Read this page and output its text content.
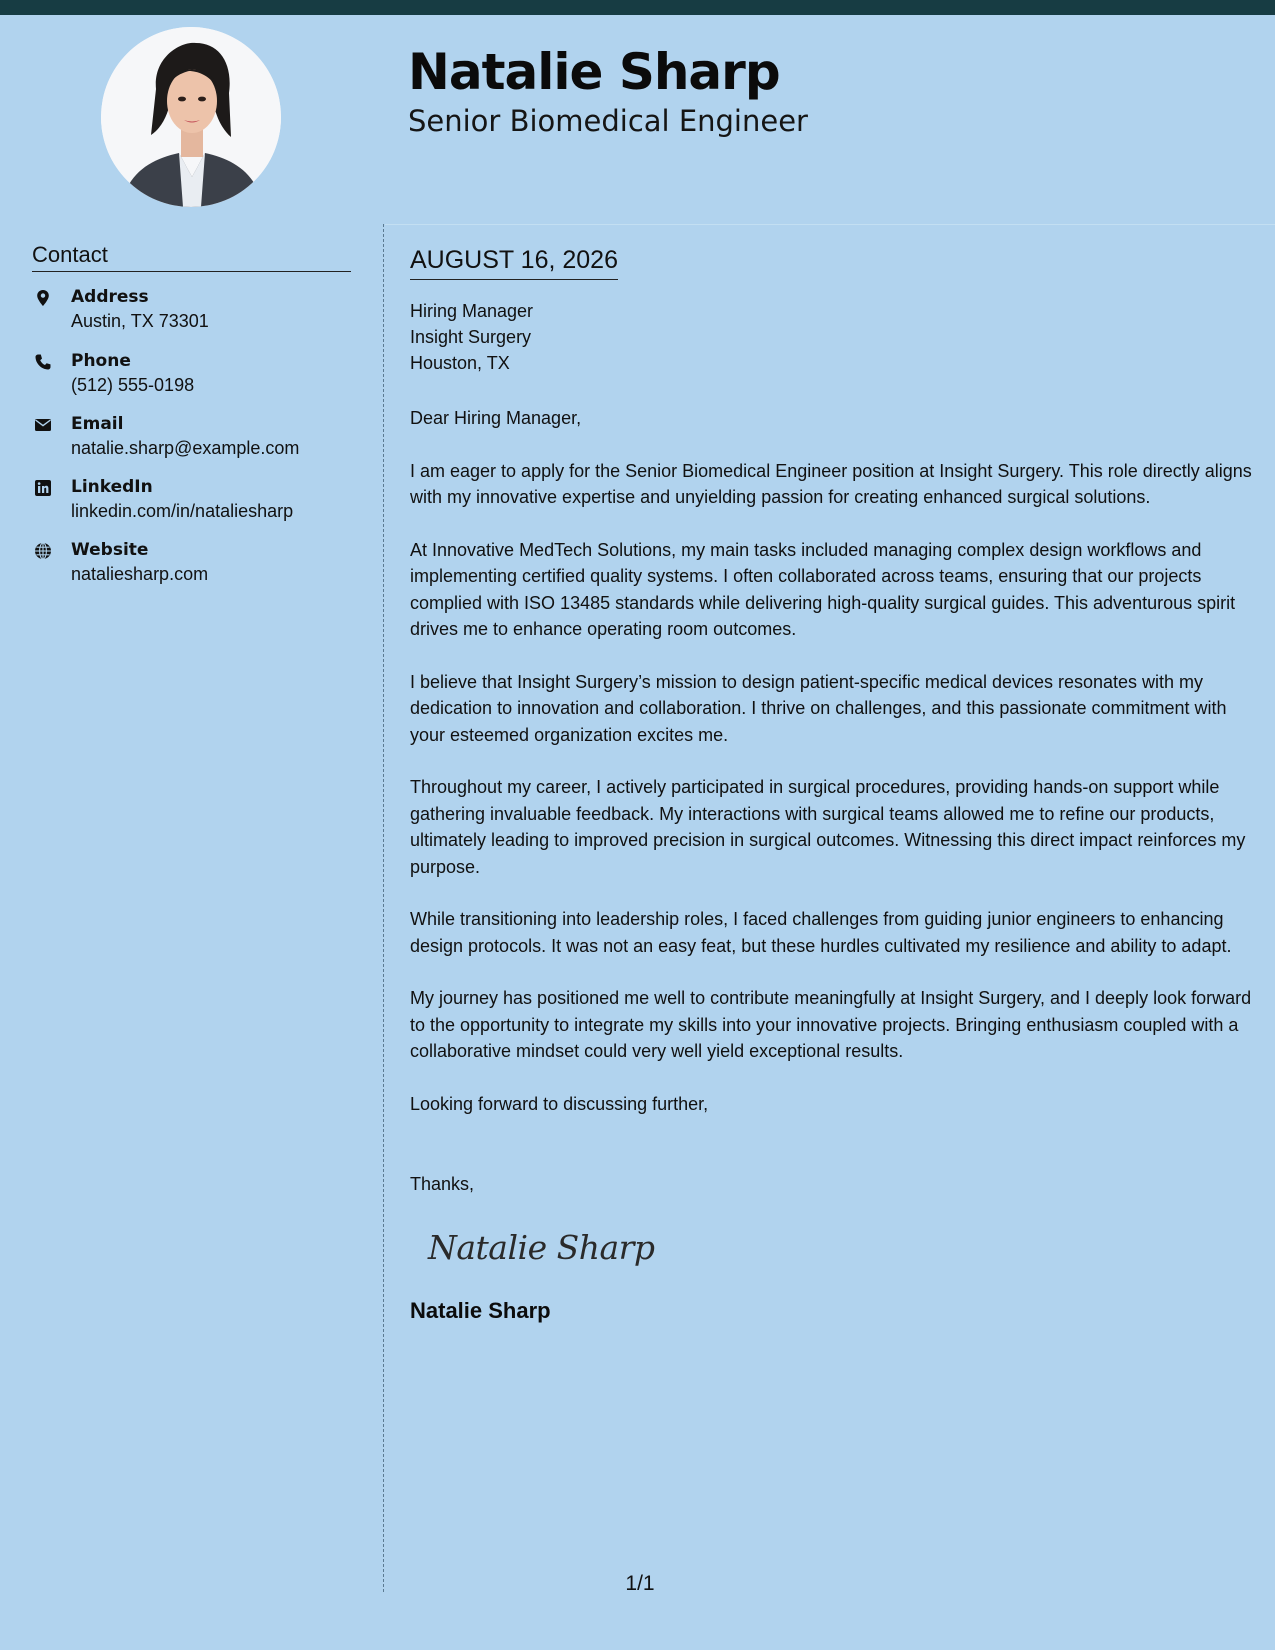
Natalie Sharp
Senior Biomedical Engineer
Contact
Address
Austin, TX 73301
Phone
(512) 555-0198
Email
natalie.sharp@example.com
LinkedIn
linkedin.com/in/nataliesharp
Website
nataliesharp.com
AUGUST 16, 2026
Hiring Manager
Insight Surgery
Houston, TX
Dear Hiring Manager,
I am eager to apply for the Senior Biomedical Engineer position at Insight Surgery. This role directly aligns with my innovative expertise and unyielding passion for creating enhanced surgical solutions.
At Innovative MedTech Solutions, my main tasks included managing complex design workflows and implementing certified quality systems. I often collaborated across teams, ensuring that our projects complied with ISO 13485 standards while delivering high-quality surgical guides. This adventurous spirit drives me to enhance operating room outcomes.
I believe that Insight Surgery’s mission to design patient-specific medical devices resonates with my dedication to innovation and collaboration. I thrive on challenges, and this passionate commitment with your esteemed organization excites me.
Throughout my career, I actively participated in surgical procedures, providing hands-on support while gathering invaluable feedback. My interactions with surgical teams allowed me to refine our products, ultimately leading to improved precision in surgical outcomes. Witnessing this direct impact reinforces my purpose.
While transitioning into leadership roles, I faced challenges from guiding junior engineers to enhancing design protocols. It was not an easy feat, but these hurdles cultivated my resilience and ability to adapt.
My journey has positioned me well to contribute meaningfully at Insight Surgery, and I deeply look forward to the opportunity to integrate my skills into your innovative projects. Bringing enthusiasm coupled with a collaborative mindset could very well yield exceptional results.
Looking forward to discussing further,
Thanks,
Natalie Sharp
Natalie Sharp
1/1
